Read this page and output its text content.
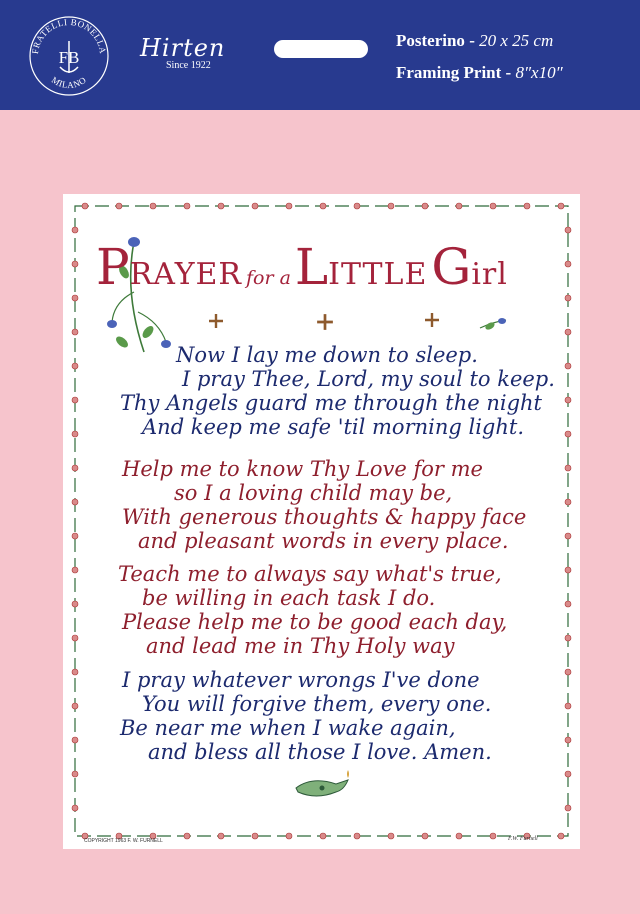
FRATELLI BONELLA
MILANO
FB	Hirten
Since 1922
Posterino - 20 x 25 cm
Framing Print - 8″x10″
PRAYER for a LITTLE Girl
Now I lay me down to sleep.
I pray Thee, Lord, my soul to keep.
Thy Angels guard me through the night
And keep me safe 'til morning light.
Help me to know Thy Love for me
so I a loving child may be,
With generous thoughts & happy face
and pleasant words in every place.
Teach me to always say what's true,
be willing in each task I do.
Please help me to be good each day,
and lead me in Thy Holy way
I pray whatever wrongs I've done
You will forgive them, every one.
Be near me when I wake again,
and bless all those I love. Amen.
COPYRIGHT 1963 F. W. FURNELL	F.W. Furnell
